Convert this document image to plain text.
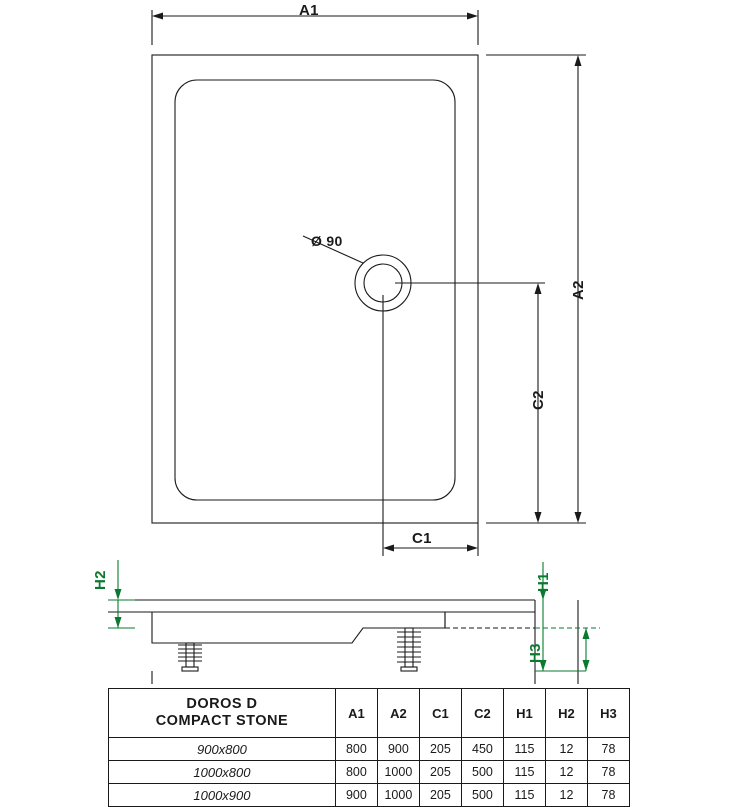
A1
A2
C1
C2
Ø 90
H2	H1
H3
DOROS D
COMPACT STONE	A1	A2	C1	C2	H1	H2	H3
900x800	800	900	205	450	115	12	78
1000x800	800	1000	205	500	115	12	78
1000x900	900	1000	205	500	115	12	78
